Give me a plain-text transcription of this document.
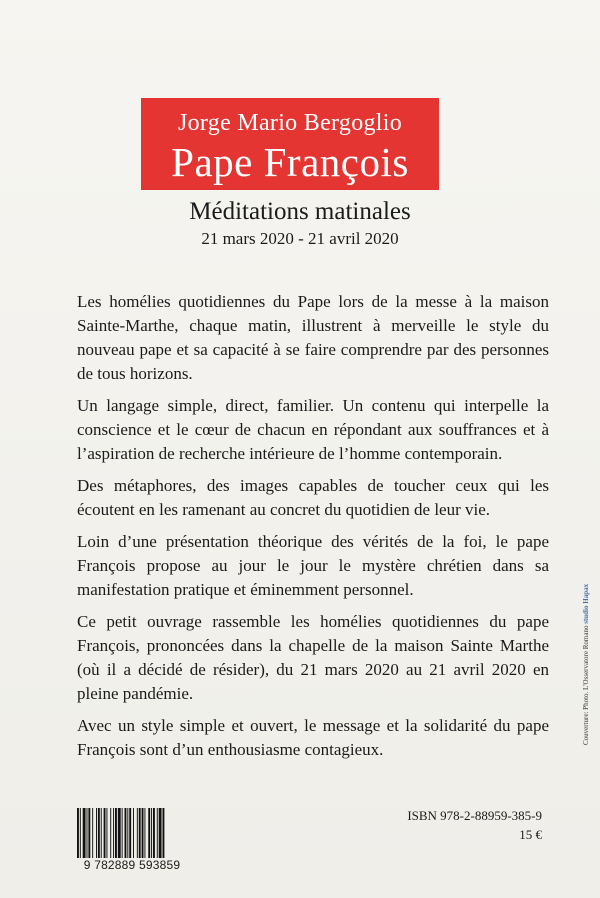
Jorge Mario Bergoglio
Pape François
Méditations matinales
21 mars 2020 - 21 avril 2020

Les homélies quotidiennes du Pape lors de la messe à la maison Sainte-Marthe, chaque matin, illustrent à merveille le style du nouveau pape et sa capacité à se faire comprendre par des personnes de tous horizons.

Un langage simple, direct, familier. Un contenu qui interpelle la conscience et le cœur de chacun en répondant aux souffrances et à l’aspiration de recherche intérieure de l’homme contemporain.

Des métaphores, des images capables de toucher ceux qui les écoutent en les ramenant au concret du quotidien de leur vie.

Loin d’une présentation théorique des vérités de la foi, le pape François propose au jour le jour le mystère chrétien dans sa manifestation pratique et éminemment personnel.

Ce petit ouvrage rassemble les homélies quotidiennes du pape François, prononcées dans la chapelle de la maison Sainte Marthe (où il a décidé de résider), du 21 mars 2020 au 21 avril 2020 en pleine pandémie.

Avec un style simple et ouvert, le message et la solidarité du pape François sont d’un enthousiasme contagieux.

9 782889 593859
ISBN 978-2-88959-385-9
15 €
Couverture: Photo. L'Osservatore Romano studio Hapax
